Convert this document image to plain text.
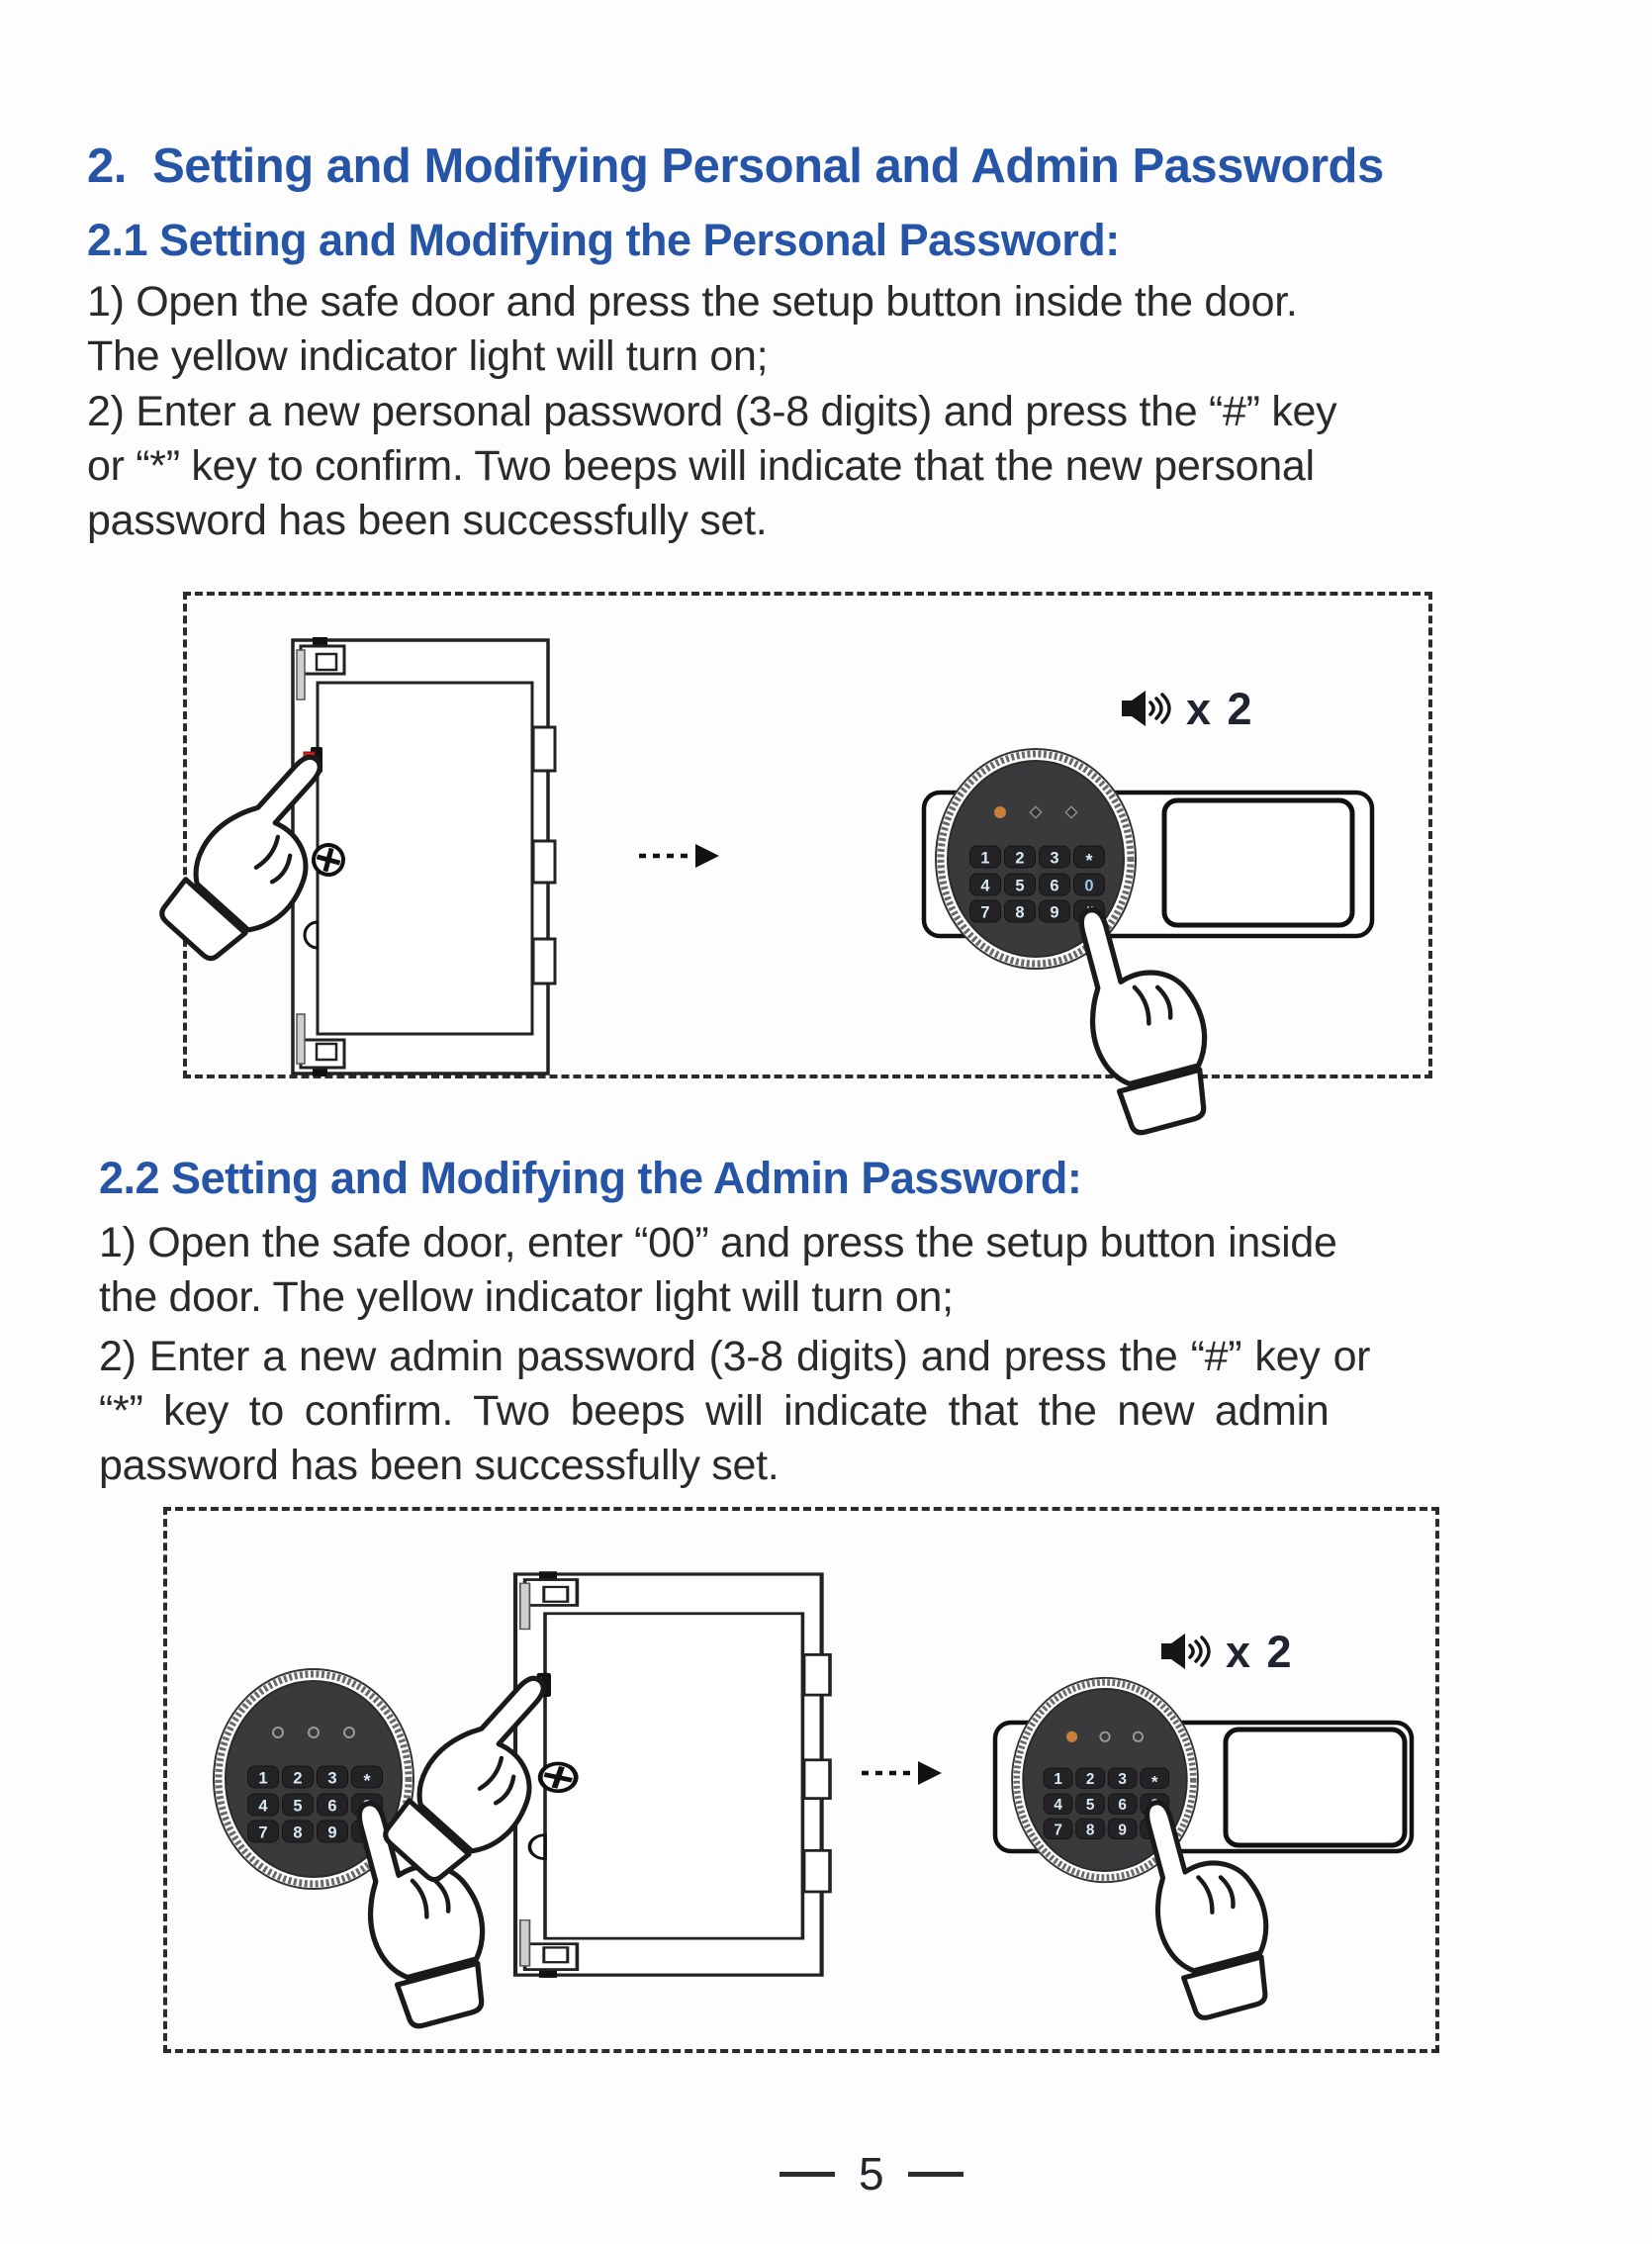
2.  Setting and Modifying Personal and Admin Passwords
2.1 Setting and Modifying the Personal Password:
1) Open the safe door and press the setup button inside the door.
The yellow indicator light will turn on;
2) Enter a new personal password (3-8 digits) and press the “#” key
or “*” key to confirm. Two beeps will indicate that the new personal
password has been successfully set.
1	2	3	*
4	5	6	0
7	8	9	#
x 2
2.2 Setting and Modifying the Admin Password:
1) Open the safe door, enter “00” and press the setup button inside
the door. The yellow indicator light will turn on;
2) Enter a new admin password (3-8 digits) and press the “#” key or
“*” key to confirm. Two beeps will indicate that the new admin
password has been successfully set.
1	2	3	*
4	5	6	0
7	8	9	#
x 2
5
